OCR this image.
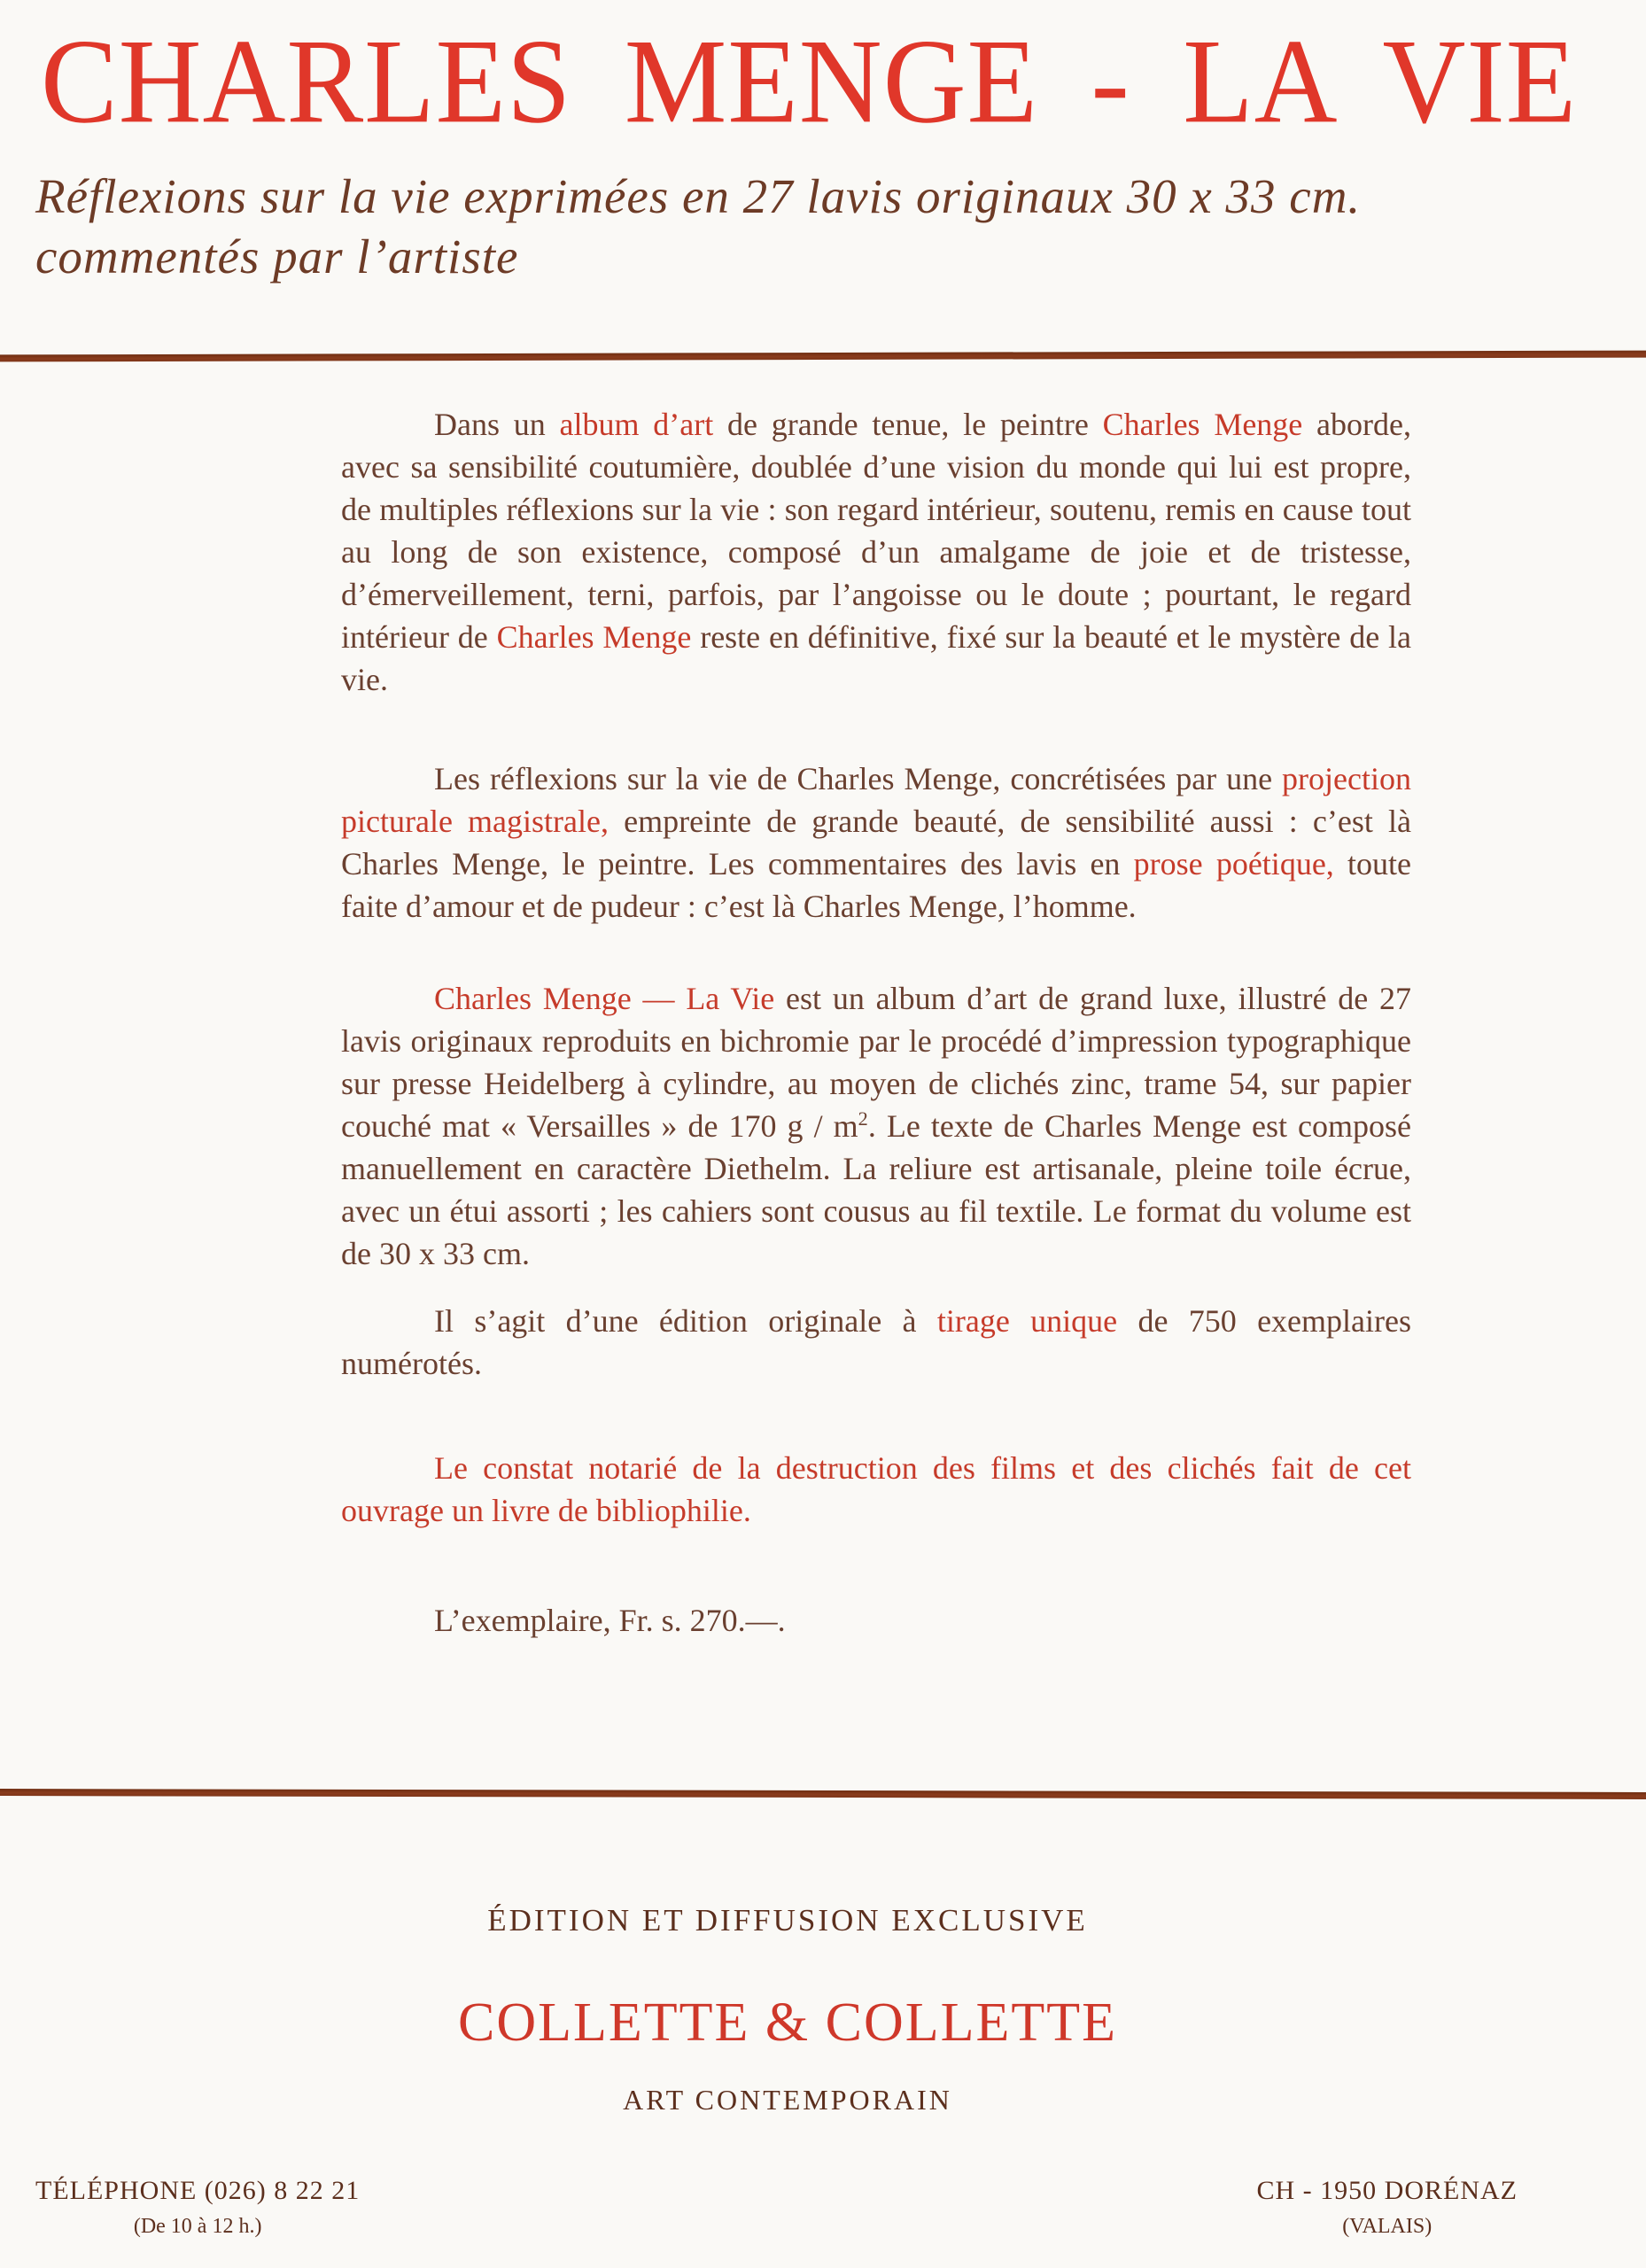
CHARLES MENGE - LA VIE
Réflexions sur la vie exprimées en 27 lavis originaux 30 x 33 cm.
commentés par l’artiste

Dans un album d’art de grande tenue, le peintre Charles Menge aborde, avec sa sensibilité coutumière, doublée d’une vision du monde qui lui est propre, de multiples réflexions sur la vie : son regard intérieur, soutenu, remis en cause tout au long de son existence, composé d’un amalgame de joie et de tristesse, d’émerveillement, terni, parfois, par l’angoisse ou le doute ; pourtant, le regard intérieur de Charles Menge reste en définitive, fixé sur la beauté et le mystère de la vie.

Les réflexions sur la vie de Charles Menge, concrétisées par une projection picturale magistrale, empreinte de grande beauté, de sensibilité aussi : c’est là Charles Menge, le peintre. Les commentaires des lavis en prose poétique, toute faite d’amour et de pudeur : c’est là Charles Menge, l’homme.

Charles Menge — La Vie est un album d’art de grand luxe, illustré de 27 lavis originaux reproduits en bichromie par le procédé d’impression typographique sur presse Heidelberg à cylindre, au moyen de clichés zinc, trame 54, sur papier couché mat « Versailles » de 170 g / $m^2$. Le texte de Charles Menge est composé manuellement en caractère Diethelm. La reliure est artisanale, pleine toile écrue, avec un étui assorti ; les cahiers sont cousus au fil textile. Le format du volume est de 30 x 33 cm.

Il s’agit d’une édition originale à tirage unique de 750 exemplaires numérotés.

Le constat notarié de la destruction des films et des clichés fait de cet ouvrage un livre de bibliophilie.

L’exemplaire, Fr. s. 270.—.

ÉDITION ET DIFFUSION EXCLUSIVE
COLLETTE & COLLETTE
ART CONTEMPORAIN
TÉLÉPHONE (026) 8 22 21
(De 10 à 12 h.)
CH - 1950 DORÉNAZ
(VALAIS)
